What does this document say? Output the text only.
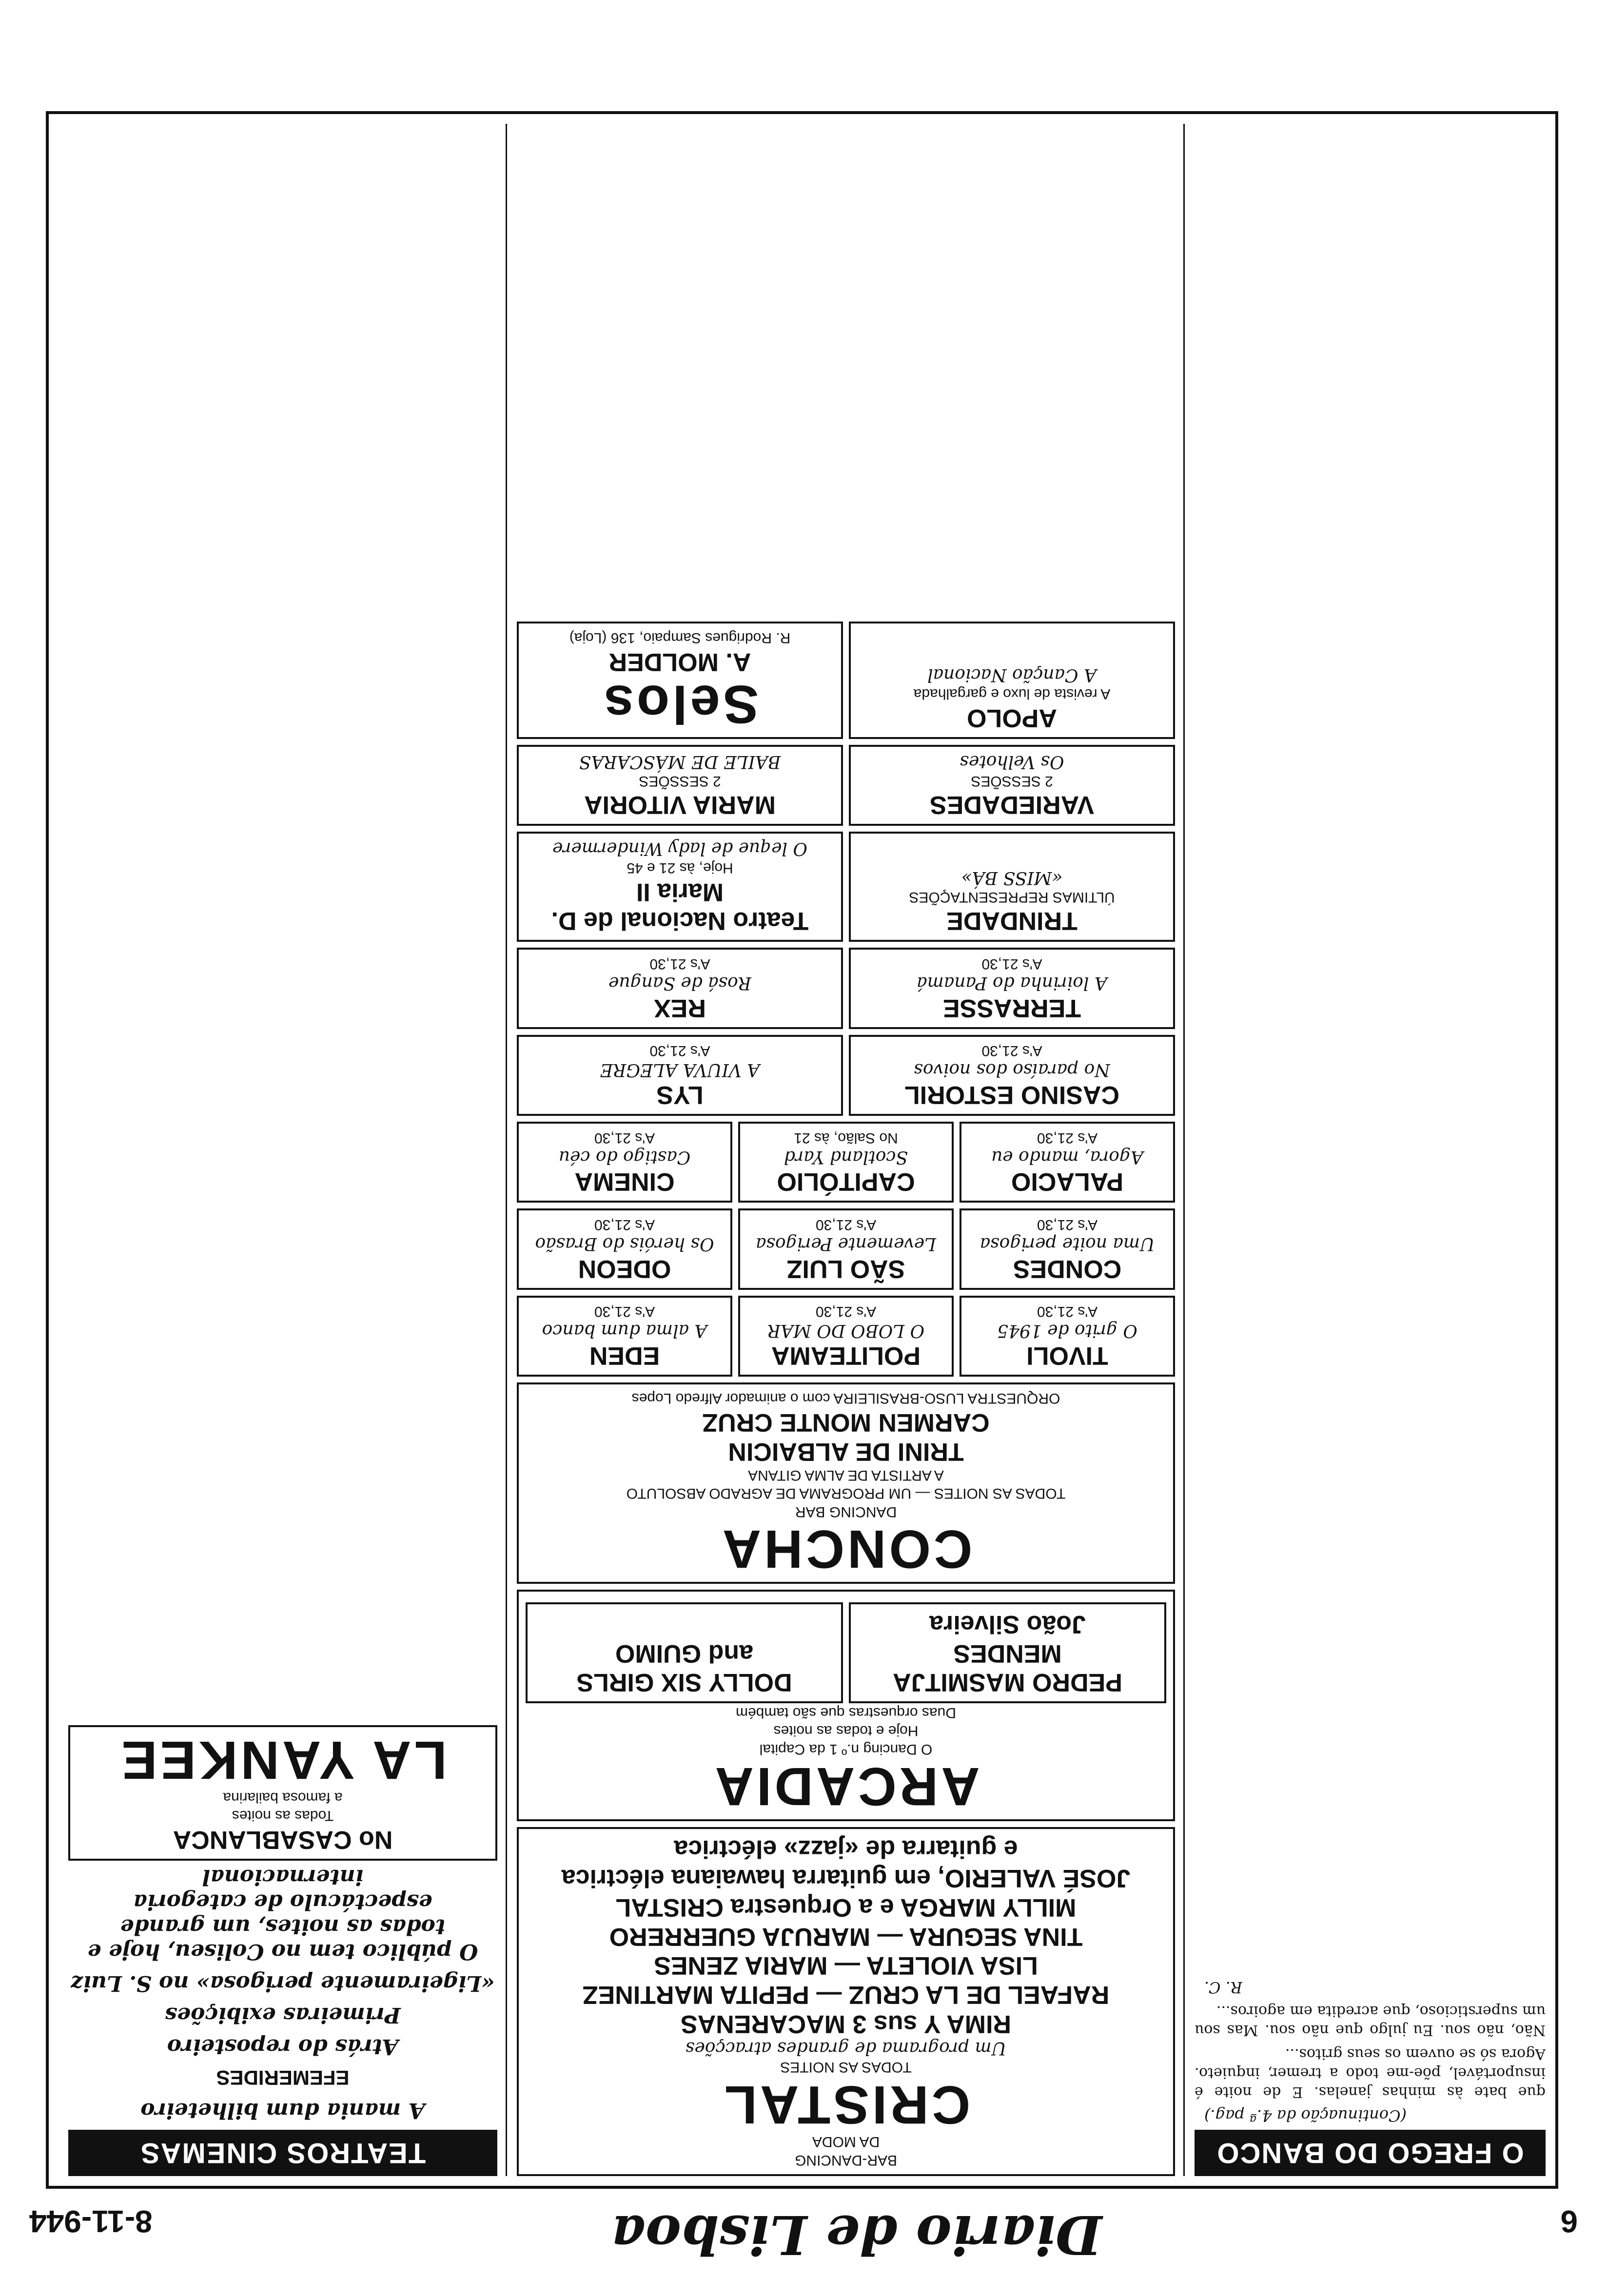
6
Diario de Lisboa
8-11-944
O FREGO DO BANCO
(Continuação da 4.ª pag.)

que bate às minhas janelas. E de noite é insuportável, põe-me todo a tremer, inquieto. Agora só se ouvem os seus gritos...

Não, não sou. Eu julgo que não sou. Mas sou um supersticioso, que acredita em agoiros...

R. C.
BAR-DANCING
DA MODA
CRISTAL
TODAS AS NOITES
Um programa de grandes atracções
RIMA Y sus 3 MACARENAS
RAFAEL DE LA CRUZ — PEPITA MARTINEZ
LISA VIOLETA — MARIA ZENES
TINA SEGURA — MARUJA GUERRERO
MILLY MARGA e a Orquestra CRISTAL
JOSÉ VALERIO, em guitarra hawaiana eléctrica
e guitarra de «jazz» eléctrica
ARCADIA
O Dancing n.º 1 da Capital
Hoje e todas as noites
Duas orquestras que são também
PEDRO MASMITJA
MENDES
João Silveira
DOLLY SIX GIRLS
and GUIMO
CONCHA
DANCING BAR
TODAS AS NOITES — UM PROGRAMA DE AGRADO ABSOLUTO
A ARTISTA DE ALMA GITANA
TRINI DE ALBAICIN
CARMEN MONTE CRUZ
ORQUESTRA LUSO-BRASILEIRA com o animador Alfredo Lopes
TIVOLI
O grito de 1945
A's 21,30
POLITEAMA
O LOBO DO MAR
A's 21,30
EDEN
A alma dum banco
A's 21,30
CONDES
Uma noite perigosa
A's 21,30
SÃO LUIZ
Levemente Perigosa
A's 21,30
ODEON
Os heróis do Brasão
A's 21,30
PALACIO
Agora, mando eu
A's 21,30
CAPITÓLIO
Scotland Yard
No Salão, às 21
CINEMA
Castigo do céu
A's 21,30
CASINO ESTORIL
No paraíso dos noivos
A's 21,30
LYS
A VIUVA ALEGRE
A's 21,30
TERRASSE
A loirinha do Panamá
A's 21,30
REX
Rosá de Sangue
A's 21,30
TRINDADE
ÚLTIMAS REPRESENTAÇÕES
«MISS BÁ»
Teatro Nacional de D. Maria II
Hoje, às 21 e 45
O leque de lady Windermere
VARIEDADES
2 SESSÕES
Os Velhotes
MARIA VITORIA
2 SESSÕES
BAILE DE MÁSCARAS
APOLO
A revista de luxo e gargalhada
A Canção Nacional
Selos
A. MOLDER
R. Rodrigues Sampaio, 136 (Loja)
TEATROS CINEMAS
A mania dum bilheteiro
EFEMERIDES
Atrás do reposteiro
Primeiras exibições
«Ligeiramente perigosa» no S. Luiz
O público tem no Coliseu, hoje e todas as noites, um grande espectáculo de categoria internacional
No CASABLANCA
Todas as noites
a famosa bailarina
LA YANKEE
